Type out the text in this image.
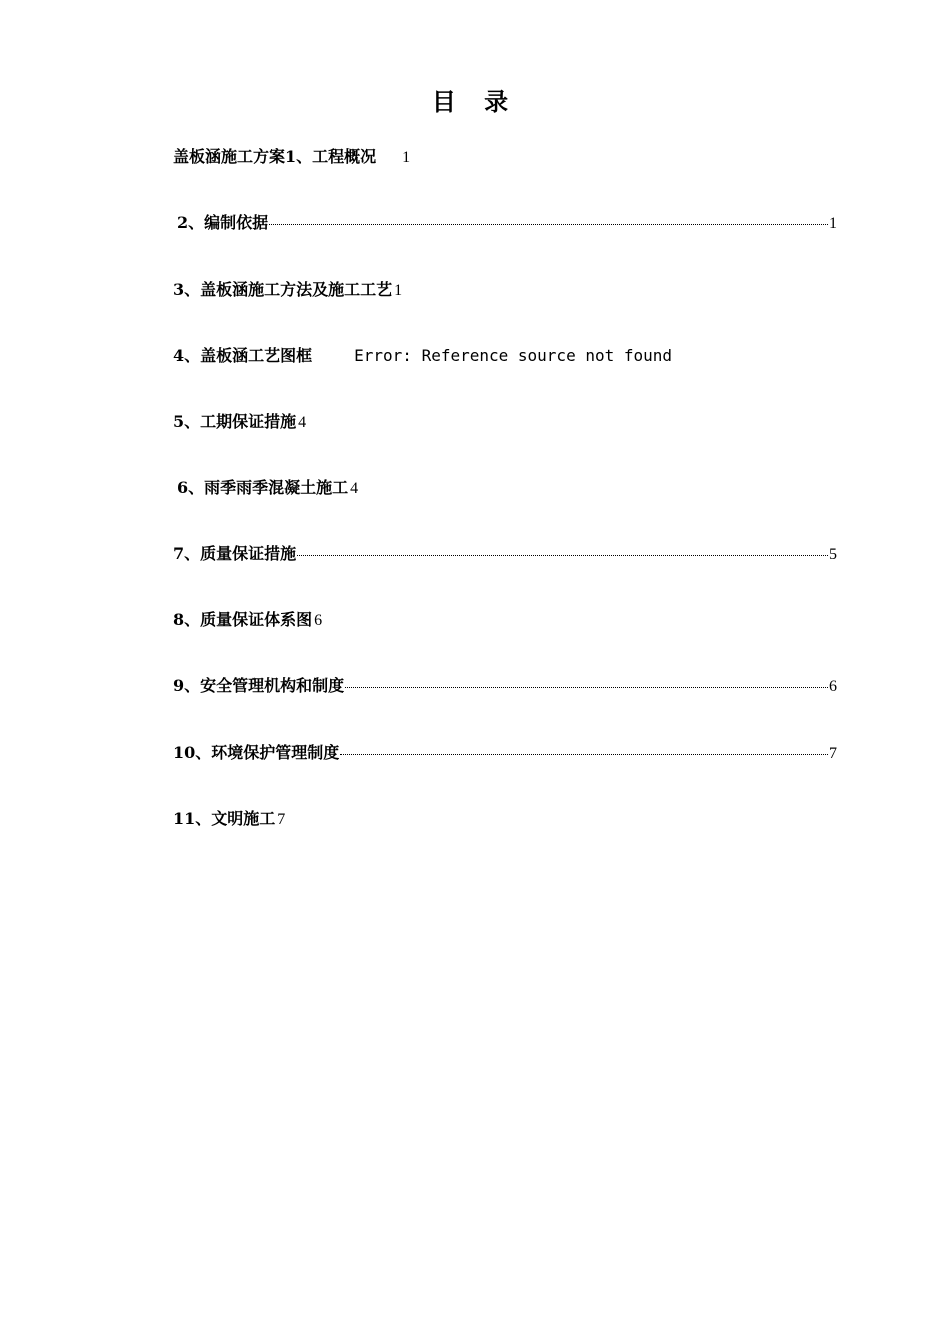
目 录
盖板涵施工方案1、工程概况 1
2、编制依据	1
3、盖板涵施工方法及施工工艺 1
4、盖板涵工艺图框	Error: Reference source not found
5、工期保证措施 4
6、雨季雨季混凝土施工 4
7、质量保证措施	5
8、质量保证体系图 6
9、安全管理机构和制度	6
10、环境保护管理制度	7
11、文明施工 7
